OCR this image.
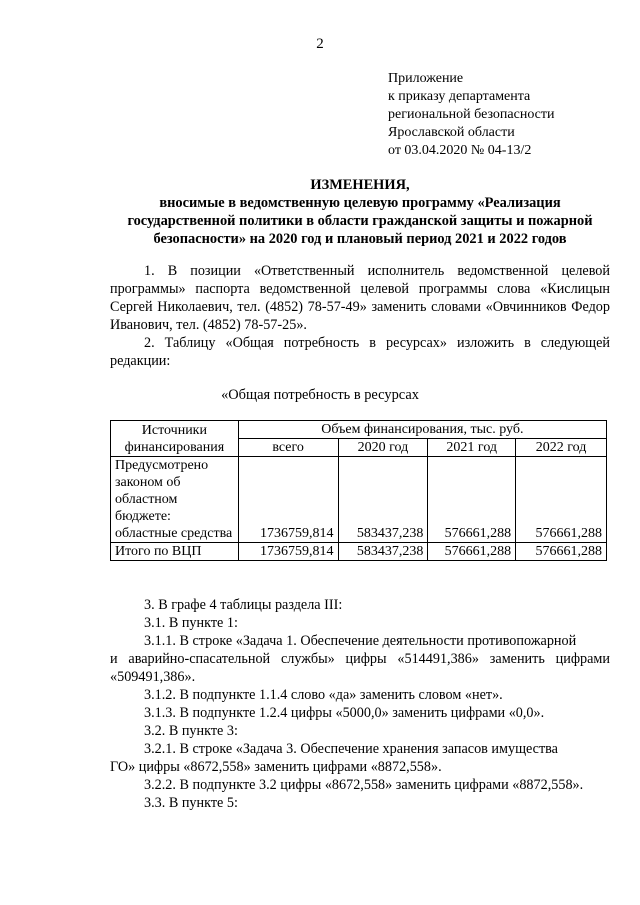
2
Приложение
к приказу департамента
региональной безопасности
Ярославской области
от 03.04.2020 № 04-13/2
ИЗМЕНЕНИЯ,
вносимые в ведомственную целевую программу «Реализация
государственной политики в области гражданской защиты и пожарной
безопасности» на 2020 год и плановый период 2021 и 2022 годов
1. В позиции «Ответственный исполнитель ведомственной целевой программы» паспорта ведомственной целевой программы слова «Кислицын Сергей Николаевич, тел. (4852) 78-57-49» заменить словами «Овчинников Федор Иванович, тел. (4852) 78-57-25».
2. Таблицу «Общая потребность в ресурсах» изложить в следующей редакции:
«Общая потребность в ресурсах
Источники финансирования	Объем финансирования, тыс. руб.			
	всего	2020 год	2021 год	2022 год
Предусмотрено законом об областном бюджете: областные средства	1736759,814	583437,238	576661,288	576661,288
Итого по ВЦП	1736759,814	583437,238	576661,288	576661,288
3. В графе 4 таблицы раздела III:
3.1. В пункте 1:
3.1.1. В строке «Задача 1. Обеспечение деятельности противопожарной
и аварийно-спасательной службы» цифры «514491,386» заменить цифрами
«509491,386».
3.1.2. В подпункте 1.1.4 слово «да» заменить словом «нет».
3.1.3. В подпункте 1.2.4 цифры «5000,0» заменить цифрами «0,0».
3.2. В пункте 3:
3.2.1. В строке «Задача 3. Обеспечение хранения запасов имущества
ГО» цифры «8672,558» заменить цифрами «8872,558».
3.2.2. В подпункте 3.2 цифры «8672,558» заменить цифрами «8872,558».
3.3. В пункте 5:
